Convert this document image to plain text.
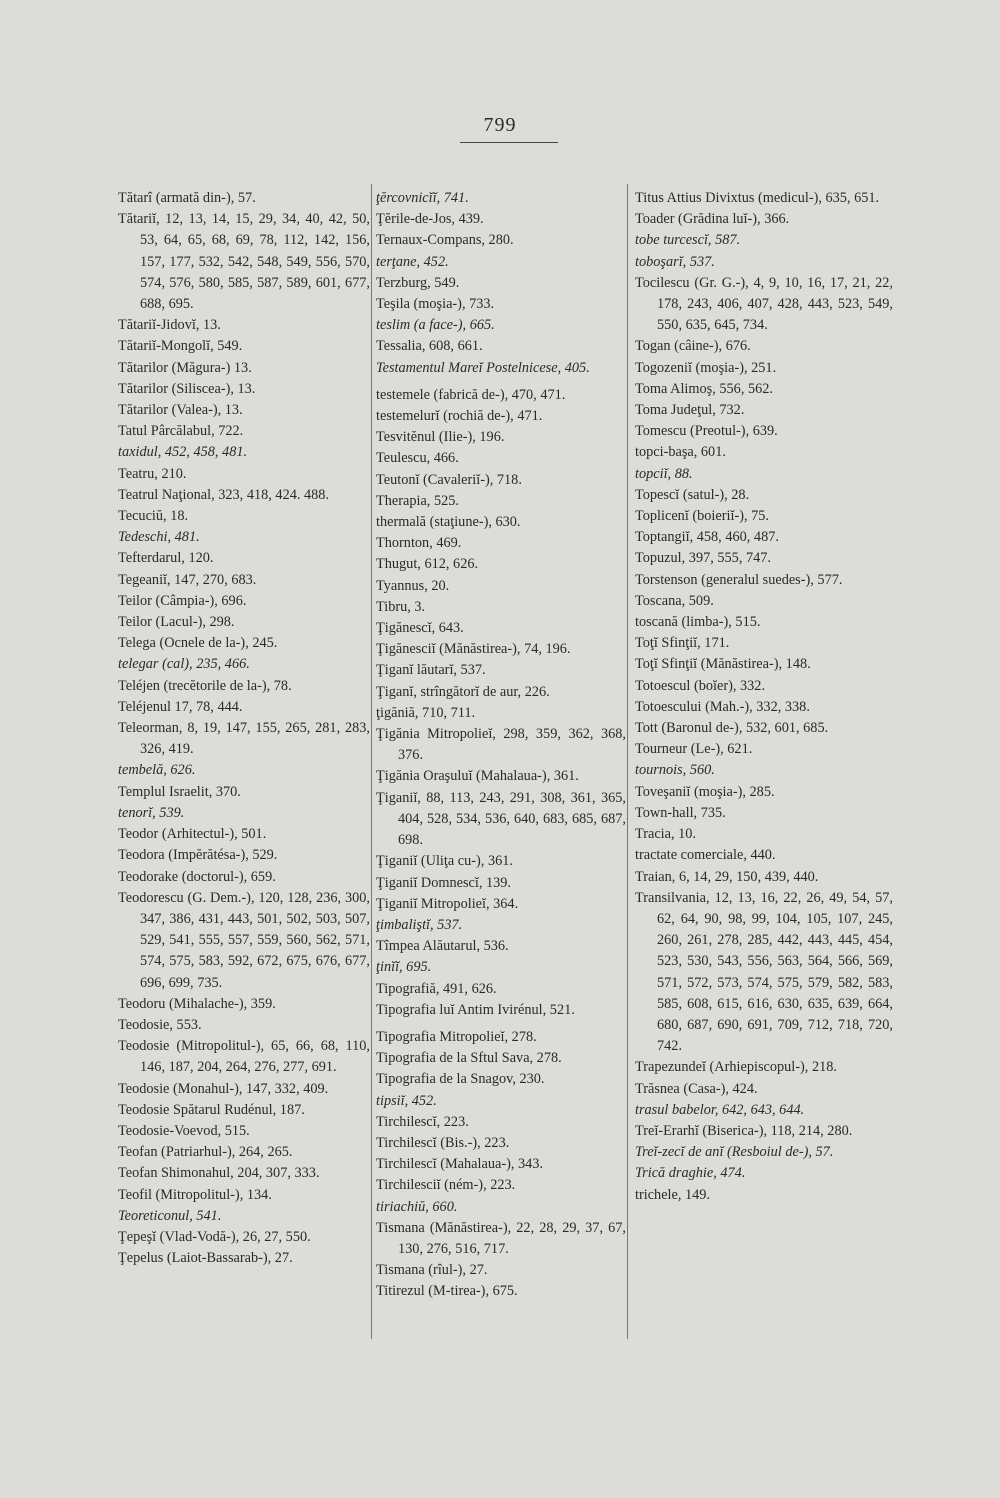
799
Tătarî (armată din-), 57.
Tătariĭ, 12, 13, 14, 15, 29, 34, 40, 42, 50, 53, 64, 65, 68, 69, 78, 112, 142, 156, 157, 177, 532, 542, 548, 549, 556, 570, 574, 576, 580, 585, 587, 589, 601, 677, 688, 695.
Tătariĭ-Jidovĭ, 13.
Tătariĭ-Mongolĭ, 549.
Tătarilor (Măgura-) 13.
Tătarilor (Siliscea-), 13.
Tătarilor (Valea-), 13.
Tatul Pârcălabul, 722.
taxidul, 452, 458, 481.
Teatru, 210.
Teatrul Naţional, 323, 418, 424. 488.
Tecuciŭ, 18.
Tedeschi, 481.
Tefterdarul, 120.
Tegeaniĭ, 147, 270, 683.
Teilor (Câmpia-), 696.
Teilor (Lacul-), 298.
Telega (Ocnele de la-), 245.
telegar (cal), 235, 466.
Teléjen (trecĕtorile de la-), 78.
Teléjenul 17, 78, 444.
Teleorman, 8, 19, 147, 155, 265, 281, 283, 326, 419.
tembelă, 626.
Templul Israelit, 370.
tenorĭ, 539.
Teodor (Arhitectul-), 501.
Teodora (Impĕrătésa-), 529.
Teodorake (doctorul-), 659.
Teodorescu (G. Dem.-), 120, 128, 236, 300, 347, 386, 431, 443, 501, 502, 503, 507, 529, 541, 555, 557, 559, 560, 562, 571, 574, 575, 583, 592, 672, 675, 676, 677, 696, 699, 735.
Teodoru (Mihalache-), 359.
Teodosie, 553.
Teodosie (Mitropolitul-), 65, 66, 68, 110, 146, 187, 204, 264, 276, 277, 691.
Teodosie (Monahul-), 147, 332, 409.
Teodosie Spătarul Rudénul, 187.
Teodosie-Voevod, 515.
Teofan (Patriarhul-), 264, 265.
Teofan Shimonahul, 204, 307, 333.
Teofil (Mitropolitul-), 134.
Teoreticonul, 541.
Ţepeşĭ (Vlad-Vodă-), 26, 27, 550.
Ţepelus (Laiot-Bassarab-), 27.
ţĕrcovnicĭĭ, 741.
Ţĕrile-de-Jos, 439.
Ternaux-Compans, 280.
terţane, 452.
Terzburg, 549.
Teşila (moşia-), 733.
teslim (a face-), 665.
Tessalia, 608, 661.
Testamentul Mareĭ Postelnicese, 405.
testemele (fabrică de-), 470, 471.
testemelurĭ (rochiă de-), 471.
Tesvitĕnul (Ilie-), 196.
Teulescu, 466.
Teutonĭ (Cavaleriĭ-), 718.
Therapia, 525.
thermală (staţiune-), 630.
Thornton, 469.
Thugut, 612, 626.
Tyannus, 20.
Tibru, 3.
Ţigănescĭ, 643.
Ţigănesciĭ (Mănăstirea-), 74, 196.
Ţiganĭ lăutarĭ, 537.
Ţiganĭ, strîngătorĭ de aur, 226.
ţigăniă, 710, 711.
Ţigănia Mitropolieĭ, 298, 359, 362, 368, 376.
Ţigănia Oraşuluĭ (Mahalaua-), 361.
Ţiganiĭ, 88, 113, 243, 291, 308, 361, 365, 404, 528, 534, 536, 640, 683, 685, 687, 698.
Ţiganiĭ (Uliţa cu-), 361.
Ţiganiĭ Domnescĭ, 139.
Ţiganiĭ Mitropolieĭ, 364.
ţimbaliştĭ, 537.
Tîmpea Alăutarul, 536.
ţinĭĭ, 695.
Tipografiă, 491, 626.
Tipografia luĭ Antim Ivirénul, 521.
Tipografia Mitropolieĭ, 278.
Tipografia de la Sftul Sava, 278.
Tipografia de la Snagov, 230.
tipsiĭ, 452.
Tirchilescĭ, 223.
Tirchilescĭ (Bis.-), 223.
Tirchilescĭ (Mahalaua-), 343.
Tirchilesciĭ (ném-), 223.
tiriachiŭ, 660.
Tismana (Mănăstirea-), 22, 28, 29, 37, 67, 130, 276, 516, 717.
Tismana (rîul-), 27.
Titirezul (M-tirea-), 675.
Titus Attius Divixtus (medicul-), 635, 651.
Toader (Grădina luĭ-), 366.
tobe turcescĭ, 587.
toboşarĭ, 537.
Tocilescu (Gr. G.-), 4, 9, 10, 16, 17, 21, 22, 178, 243, 406, 407, 428, 443, 523, 549, 550, 635, 645, 734.
Togan (câine-), 676.
Togozeniĭ (moşia-), 251.
Toma Alimoş, 556, 562.
Toma Judeţul, 732.
Tomescu (Preotul-), 639.
topci-başa, 601.
topciĭ, 88.
Topescĭ (satul-), 28.
Toplicenĭ (boieriĭ-), 75.
Toptangiĭ, 458, 460, 487.
Topuzul, 397, 555, 747.
Torstenson (generalul suedes-), 577.
Toscana, 509.
toscană (limba-), 515.
Toţĭ Sfinţiĭ, 171.
Toţĭ Sfinţiĭ (Mănăstirea-), 148.
Totoescul (boĭer), 332.
Totoescului (Mah.-), 332, 338.
Tott (Baronul de-), 532, 601, 685.
Tourneur (Le-), 621.
tournois, 560.
Toveşaniĭ (moşia-), 285.
Town-hall, 735.
Tracia, 10.
tractate comerciale, 440.
Traian, 6, 14, 29, 150, 439, 440.
Transilvania, 12, 13, 16, 22, 26, 49, 54, 57, 62, 64, 90, 98, 99, 104, 105, 107, 245, 260, 261, 278, 285, 442, 443, 445, 454, 523, 530, 543, 556, 563, 564, 566, 569, 571, 572, 573, 574, 575, 579, 582, 583, 585, 608, 615, 616, 630, 635, 639, 664, 680, 687, 690, 691, 709, 712, 718, 720, 742.
Trapezundeĭ (Arhiepiscopul-), 218.
Trăsnea (Casa-), 424.
trasul babelor, 642, 643, 644.
Treĭ-Erarhĭ (Biserica-), 118, 214, 280.
Treĭ-zecĭ de anĭ (Resboiul de-), 57.
Trică draghie, 474.
trichele, 149.
